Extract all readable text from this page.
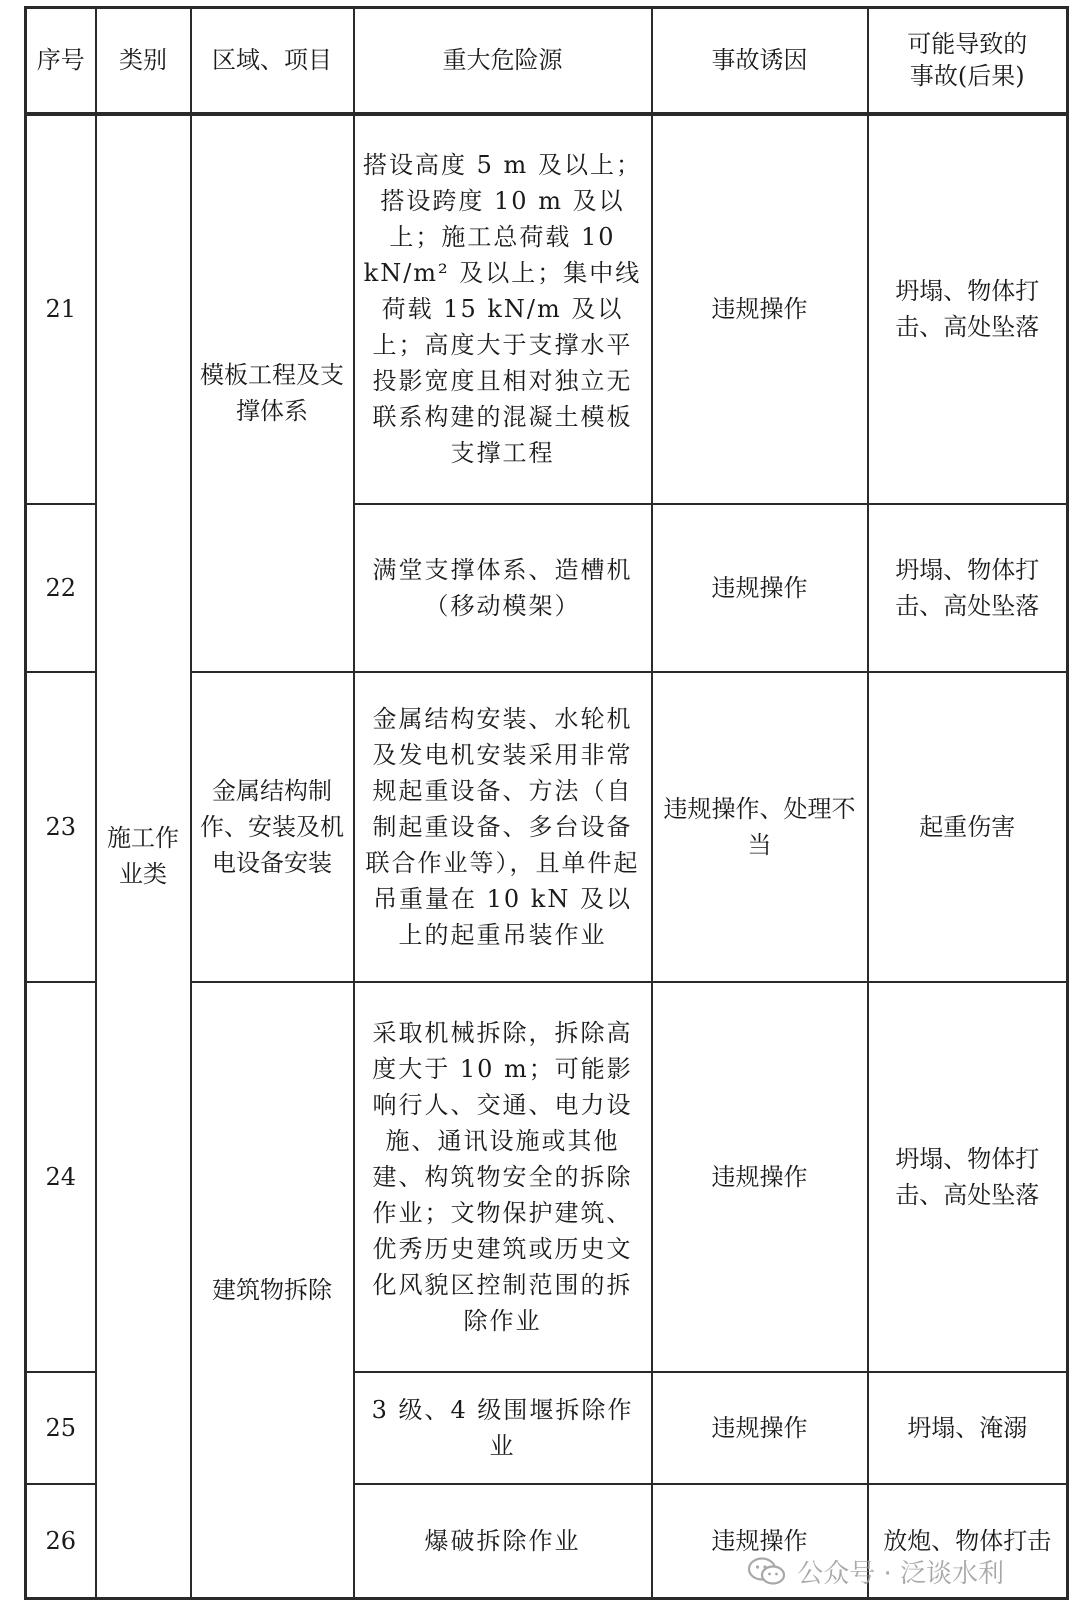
序号	类别	区域、项目	重大危险源	事故诱因	可能导致的
事故(后果)
21	施工作业类	模板工程及支撑体系	搭设高度 5 m 及以上；搭设跨度 10 m 及以上；施工总荷载 10 kN/m² 及以上；集中线荷载 15 kN/m 及以上；高度大于支撑水平投影宽度且相对独立无联系构建的混凝土模板支撑工程	违规操作	坍塌、物体打击、高处坠落
22			满堂支撑体系、造槽机（移动模架）	违规操作	坍塌、物体打击、高处坠落
23		金属结构制作、安装及机电设备安装	金属结构安装、水轮机及发电机安装采用非常规起重设备、方法（自制起重设备、多台设备联合作业等），且单件起吊重量在 10 kN 及以上的起重吊装作业	违规操作、处理不当	起重伤害
24		建筑物拆除	采取机械拆除，拆除高度大于 10 m；可能影响行人、交通、电力设施、通讯设施或其他建、构筑物安全的拆除作业；文物保护建筑、优秀历史建筑或历史文化风貌区控制范围的拆除作业	违规操作	坍塌、物体打击、高处坠落
25			3 级、4 级围堰拆除作业	违规操作	坍塌、淹溺
26			爆破拆除作业	违规操作	放炮、物体打击
公众号 · 泛谈水利
